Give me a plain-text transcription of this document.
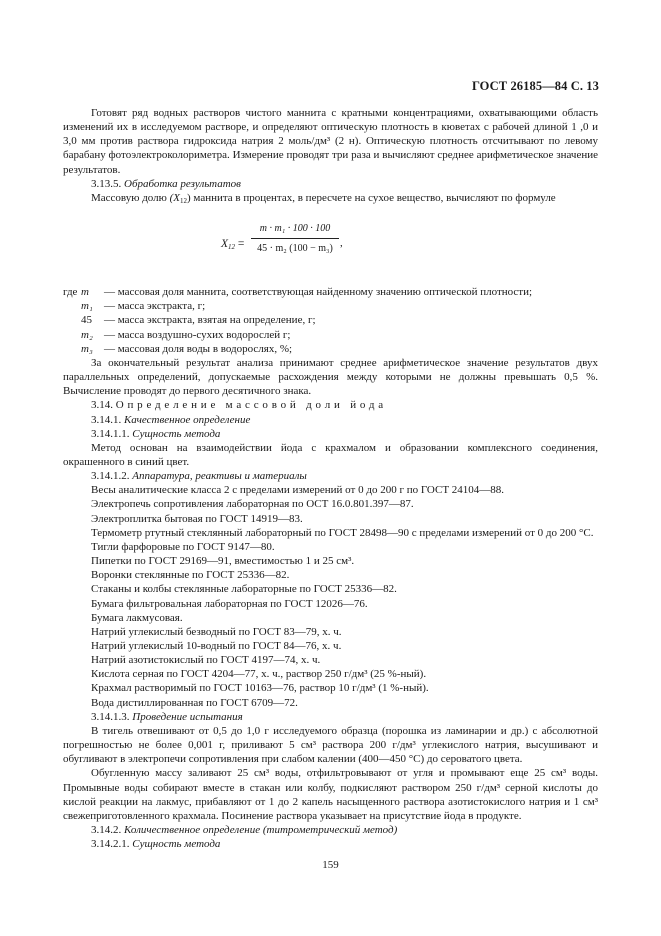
ГОСТ 26185—84 С. 13

Готовят ряд водных растворов чистого маннита с кратными концентрациями, охватывающими область изменений их в исследуемом растворе, и определяют оптическую плотность в кюветах с рабочей длиной 1 ,0 и 3,0 мм против раствора гидроксида натрия 2 моль/дм³ (2 н). Оптическую плотность отсчитывают по левому барабану фотоэлектроколориметра. Измерение проводят три раза и вычисляют среднее арифметическое значение результатов.

3.13.5. Обработка результатов

Массовую долю $(X_{12})$ маннита в процентах, в пересчете на сухое вещество, вычисляют по формуле

$X_{12} = \frac{\text{m · m₁ · 100 · 100}}{\text{45 · m₂ (100 − m₃)}}$ ,
где m	— массовая доля маннита, соответствующая найденному значению оптической плотности;
m₁	— масса экстракта, г;
45	— масса экстракта, взятая на определение, г;
m₂	— масса воздушно-сухих водорослей г;
m₃	— массовая доля воды в водорослях, %;

За окончательный результат анализа принимают среднее арифметическое значение результатов двух параллельных определений, допускаемые расхождения между которыми не должны превышать 0,5 %. Вычисление проводят до первого десятичного знака.

3.14. Определение массовой доли йода

3.14.1. Качественное определение

3.14.1.1. Сущность метода

Метод основан на взаимодействии йода с крахмалом и образовании комплексного соединения, окрашенного в синий цвет.

3.14.1.2. Аппаратура, реактивы и материалы

Весы аналитические класса 2 с пределами измерений от 0 до 200 г по ГОСТ 24104—88.

Электропечь сопротивления лабораторная по ОСТ 16.0.801.397—87.

Электроплитка бытовая по ГОСТ 14919—83.

Термометр ртутный стеклянный лабораторный по ГОСТ 28498—90 с пределами измерений от 0 до 200 °С.

Тигли фарфоровые по ГОСТ 9147—80.

Пипетки по ГОСТ 29169—91, вместимостью 1 и 25 см³.

Воронки стеклянные по ГОСТ 25336—82.

Стаканы и колбы стеклянные лабораторные по ГОСТ 25336—82.

Бумага фильтровальная лабораторная по ГОСТ 12026—76.

Бумага лакмусовая.

Натрий углекислый безводный по ГОСТ 83—79, х. ч.

Натрий углекислый 10-водный по ГОСТ 84—76, х. ч.

Натрий азотистокислый по ГОСТ 4197—74, х. ч.

Кислота серная по ГОСТ 4204—77, х. ч., раствор 250 г/дм³ (25 %-ный).

Крахмал растворимый по ГОСТ 10163—76, раствор 10 г/дм³ (1 %-ный).

Вода дистиллированная по ГОСТ 6709—72.

3.14.1.3. Проведение испытания

В тигель отвешивают от 0,5 до 1,0 г исследуемого образца (порошка из ламинарии и др.) с абсолютной погрешностью не более 0,001 г, приливают 5 см³ раствора 200 г/дм³ углекислого натрия, высушивают и обугливают в электропечи сопротивления при слабом калении (400—450 °С) до сероватого цвета.

Обугленную массу заливают 25 см³ воды, отфильтровывают от угля и промывают еще 25 см³ воды. Промывные воды собирают вместе в стакан или колбу, подкисляют раствором 250 г/дм³ серной кислоты до кислой реакции на лакмус, прибавляют от 1 до 2 капель насыщенного раствора азотистокислого натрия и 1 см³ свежеприготовленного крахмала. Посинение раствора указывает на присутствие йода в продукте.

3.14.2. Количественное определение (титрометрический метод)

3.14.2.1. Сущность метода

159
